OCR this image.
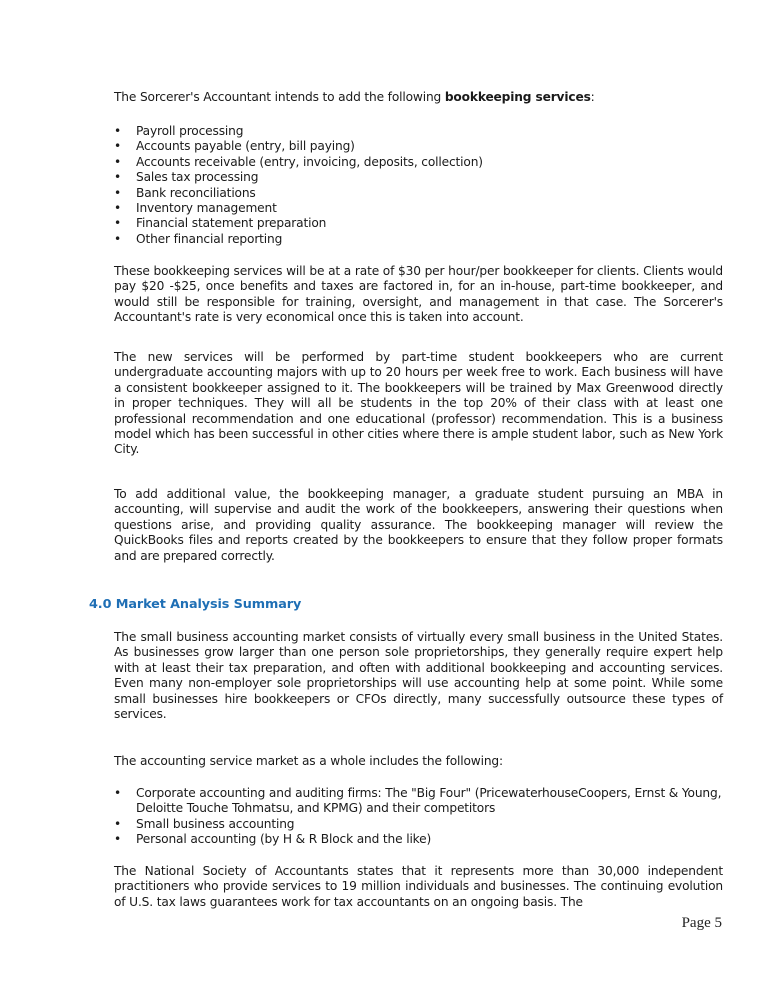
The Sorcerer's Accountant intends to add the following bookkeeping services:

• Payroll processing
• Accounts payable (entry, bill paying)
• Accounts receivable (entry, invoicing, deposits, collection)
• Sales tax processing
• Bank reconciliations
• Inventory management
• Financial statement preparation
• Other financial reporting

These bookkeeping services will be at a rate of $30 per hour/per bookkeeper for clients. Clients would pay $20 -$25, once benefits and taxes are factored in, for an in-house, part-time bookkeeper, and would still be responsible for training, oversight, and management in that case. The Sorcerer's Accountant's rate is very economical once this is taken into account.

The new services will be performed by part-time student bookkeepers who are current undergraduate accounting majors with up to 20 hours per week free to work. Each business will have a consistent bookkeeper assigned to it. The bookkeepers will be trained by Max Greenwood directly in proper techniques. They will all be students in the top 20% of their class with at least one professional recommendation and one educational (professor) recommendation. This is a business model which has been successful in other cities where there is ample student labor, such as New York City.

To add additional value, the bookkeeping manager, a graduate student pursuing an MBA in accounting, will supervise and audit the work of the bookkeepers, answering their questions when questions arise, and providing quality assurance. The bookkeeping manager will review the QuickBooks files and reports created by the bookkeepers to ensure that they follow proper formats and are prepared correctly.

4.0 Market Analysis Summary

The small business accounting market consists of virtually every small business in the United States. As businesses grow larger than one person sole proprietorships, they generally require expert help with at least their tax preparation, and often with additional bookkeeping and accounting services. Even many non-employer sole proprietorships will use accounting help at some point. While some small businesses hire bookkeepers or CFOs directly, many successfully outsource these types of services.

The accounting service market as a whole includes the following:

• Corporate accounting and auditing firms: The "Big Four" (PricewaterhouseCoopers, Ernst & Young, Deloitte Touche Tohmatsu, and KPMG) and their competitors
• Small business accounting
• Personal accounting (by H & R Block and the like)

The National Society of Accountants states that it represents more than 30,000 independent practitioners who provide services to 19 million individuals and businesses. The continuing evolution of U.S. tax laws guarantees work for tax accountants on an ongoing basis. The

Page 5
